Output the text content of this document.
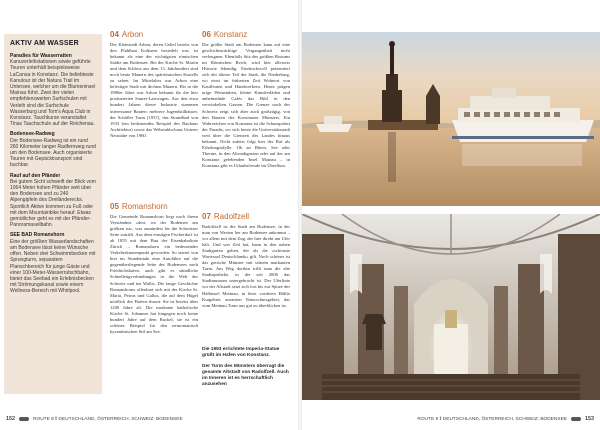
AKTIV AM WASSER
Paradies für Wasserratten
Kanuverleihstationen sowie geführte Touren unterhält beispielsweise LaCanoa in Konstanz. Die beliebteste Kanutour ist der Natura Trail im Untersee, welcher um die Blumeninsel Mainau führt. Zwei der vielen empfehlenswerten Surfschulen mit Verleih sind die Surfschule Wasserburg und Tom's Aqua Club in Konstanz. Tauchkurse veranstaltet Tinas Tauchschule auf der Reichenau.
Bodensee-Radweg
Der Bodensee-Radweg ist ein rund 260 Kilometer langer Radfernweg rund um den Bodensee. Auch organisierte Touren mit Gepäcktransport sind buchbar.
Rauf auf den Pfänder
Bei gutem Sicht schweift der Blick vom 1064 Meter hohen Pfänder weit über den Bodensee und zu 240 Alpengipfeln des Dreiländerecks. Sportlich Aktive kommen zu Fuß oder mit dem Mountainbike herauf. Etwas gemütlicher geht es mit der Pfänder-Panoramaseilbahn.
SEE BAD Romanshorn
Eine der größten Wasserlandschaften am Bodensee lässt keine Wünsche offen. Neben drei Schwimmbecken mit Sprungturm, separatem Planschbereich für junge Gäste und einer 100-Meter-Wasserrutschbahn, bietet das Seebad ein Erlebnisbecken mit Strömungskanal sowie einem Wellness-Bereich mit Whirlpool.
04 Arbon
Der Kleinstadt Arbon, deren Geltel bereits von den Pfahlbau Kulturen besiedelt war, ist bekannt als eine der wichtigsten römischen Städte am Bodensee. Bei der Kirche St. Martin und dem Schloss aus dem 13. Jahrhundert sind noch heute Mauern des spätrömischen Kastells zu sehen. Im Mittelalter war Arbon eine befestigte Stadt mit dichten Mauern. Bis in die 1980er Jahre war Arbon bekannt für die hier produzierten Saurer-Lastwagen. Aus den etwa hundert Jahren dieser Industrie stammen interessante Bauten: mehrere Jugendstilhäuser, der Schäfler Turm (1937), das Strandbad von 1933 (ein bedeutendes Beispiel des Bauhaus Architektur) sowie das Webstuhlschaus Unterer Neustätte von 1960.
05 Romanshorn
Die Gemeinde Romanshorn liegt nach ihrem Verständnis »dort, wo der Bodensee am größten ist«, was zumindest für die Schweizer Seite zutrifft. Aus dem einstigen Fischerdorf ist ab 1855 mit dem Bau der Eisenbahnlinie Zürich – Romanshorn ein bedeutender Verkehrsknotenpunkt geworden. So startet von hier im Stundentakt eine Autofähre auf die gegenüberliegende Seite des Bodensees nach Friedrichshafen, auch gibt es stündliche Schnellzugverbindungen in die Welt der Schweiz und ins Wallis. Die lange Geschichte Romanshorns offenbart sich mit der Kirche St. Maria, Petrus und Gallus, die auf dem Hügel nördlich des Hafens thront: Sie ist bereits über 1200 Jahre alt. Die markante katholische Kirche St. Johannes hat hingegen noch keine hundert Jahre auf dem Buckel, sie ist ein schönes Beispiel für den neuromanisch byzantinischen Stil am See.
06 Konstanz
Die größte Stadt am Bodensee kann auf eine geschichtsträchtige Vergangenheit nicht verleugnen. Ebenfalls Sitz des größten Bistums im Römischen Reich, wird hier allerorts Historie lebendig. Eindrucksvoll präsentiert sich der älteste Teil der Stadt, die Niederburg, wo einst im frühesten Zeit Wohnort von Kaufleuten und Handwerkern. Heute prägen urige Weinstuben, kleine Künstlerläden und anheimelnde Cafés das Bild in den verwinkelten Gassen. Die Grenze nach der Schweiz zeigt sich aber auch großzügig, von den Bauten des Konstanzer Münsters. Ein Wahrzeichen von Konstanz ist die Schauspalast der Paradis, wo sich heute die Universitätsstadt weit über die Grenzen des Landes hinaus bekannt. Nicht zuletzt folgt hier der Ruf als Erholungsidylle. Ob an Rhein, See oder Therme, in den Altstadtgassen oder auf der am Konstanz gelebenden Insel Mainau – in Konstanz gibt es Urlaubsfreude im Überfluss.
07 Radolfzell
Radolfzell ist die Stadt am Bodensee, in der man von Westen her am Bodensee ankommt – vor allem mit dem Zug, der hier direkt am Ufer hält. Und wer Zeit hat, kann in den nahen Stadtgarten gehen, der als die »schönste Wartesaal Deutschlands« gilt. Noch schöner ist das gotische Münster mit seinem markanten Turm. Am Weg dorthin trifft man die alte Stadtapotheke, in der seit 2006 das Stadtmuseum untergebracht ist. Der Uferlinie vor der Altstadt setzt sich fort bis zur Spitze der Halbinsel Mettnau, in ihrer vorderen Hälfte Kurgebiet, anonsten Naturschutzgebiet, das vom Mettnau Turm aus gut zu überblicken ist.

Die 1993 errichtete Imperia-Statue grüßt im Hafen von Konstanz.

Der Turm des Münsters überragt die gesamte Altstadt von Radolfzell. Auch im Inneren ist es herrschaftlich anzusehen

152	ROUTE 9 ‖ DEUTSCHLAND, ÖSTERREICH, SCHWEIZ: BODENSEE	ROUTE 9 ‖ DEUTSCHLAND, ÖSTERREICH, SCHWEIZ: BODENSEE	153
